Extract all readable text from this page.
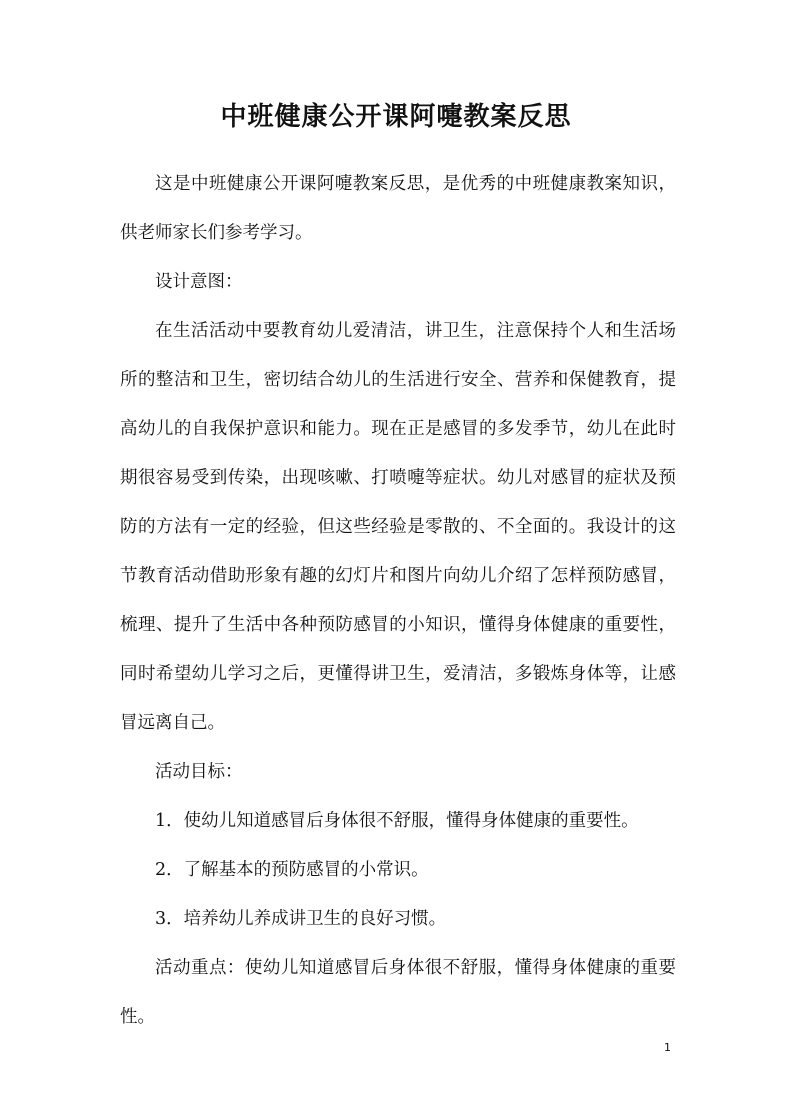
中班健康公开课阿嚏教案反思

这是中班健康公开课阿嚏教案反思，是优秀的中班健康教案知识，供老师家长们参考学习。

设计意图：

在生活活动中要教育幼儿爱清洁，讲卫生，注意保持个人和生活场所的整洁和卫生，密切结合幼儿的生活进行安全、营养和保健教育，提高幼儿的自我保护意识和能力。现在正是感冒的多发季节，幼儿在此时期很容易受到传染，出现咳嗽、打喷嚏等症状。幼儿对感冒的症状及预防的方法有一定的经验，但这些经验是零散的、不全面的。我设计的这节教育活动借助形象有趣的幻灯片和图片向幼儿介绍了怎样预防感冒，梳理、提升了生活中各种预防感冒的小知识，懂得身体健康的重要性，同时希望幼儿学习之后，更懂得讲卫生，爱清洁，多锻炼身体等，让感冒远离自己。

活动目标：

1．使幼儿知道感冒后身体很不舒服，懂得身体健康的重要性。

2．了解基本的预防感冒的小常识。

3．培养幼儿养成讲卫生的良好习惯。

活动重点：使幼儿知道感冒后身体很不舒服，懂得身体健康的重要性。

1
